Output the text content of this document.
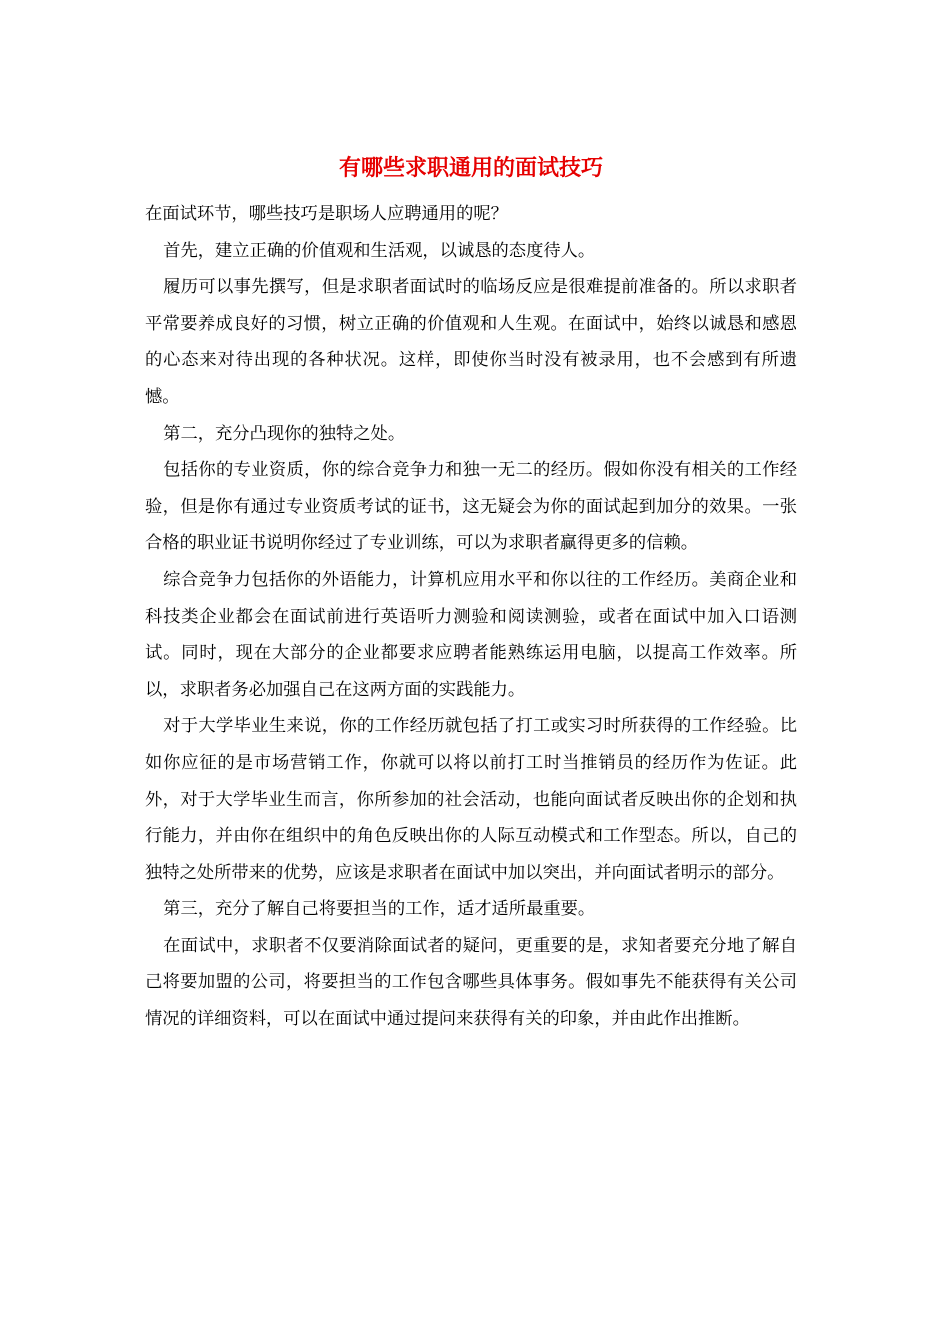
有哪些求职通用的面试技巧

在面试环节，哪些技巧是职场人应聘通用的呢？

首先，建立正确的价值观和生活观，以诚恳的态度待人。

履历可以事先撰写，但是求职者面试时的临场反应是很难提前准备的。所以求职者平常要养成良好的习惯，树立正确的价值观和人生观。在面试中，始终以诚恳和感恩的心态来对待出现的各种状况。这样，即使你当时没有被录用，也不会感到有所遗憾。

第二，充分凸现你的独特之处。

包括你的专业资质，你的综合竞争力和独一无二的经历。假如你没有相关的工作经验，但是你有通过专业资质考试的证书，这无疑会为你的面试起到加分的效果。一张合格的职业证书说明你经过了专业训练，可以为求职者赢得更多的信赖。

综合竞争力包括你的外语能力，计算机应用水平和你以往的工作经历。美商企业和科技类企业都会在面试前进行英语听力测验和阅读测验，或者在面试中加入口语测试。同时，现在大部分的企业都要求应聘者能熟练运用电脑，以提高工作效率。所以，求职者务必加强自己在这两方面的实践能力。

对于大学毕业生来说，你的工作经历就包括了打工或实习时所获得的工作经验。比如你应征的是市场营销工作，你就可以将以前打工时当推销员的经历作为佐证。此外，对于大学毕业生而言，你所参加的社会活动，也能向面试者反映出你的企划和执行能力，并由你在组织中的角色反映出你的人际互动模式和工作型态。所以，自己的独特之处所带来的优势，应该是求职者在面试中加以突出，并向面试者明示的部分。

第三，充分了解自己将要担当的工作，适才适所最重要。

在面试中，求职者不仅要消除面试者的疑问，更重要的是，求知者要充分地了解自己将要加盟的公司，将要担当的工作包含哪些具体事务。假如事先不能获得有关公司情况的详细资料，可以在面试中通过提问来获得有关的印象，并由此作出推断。
